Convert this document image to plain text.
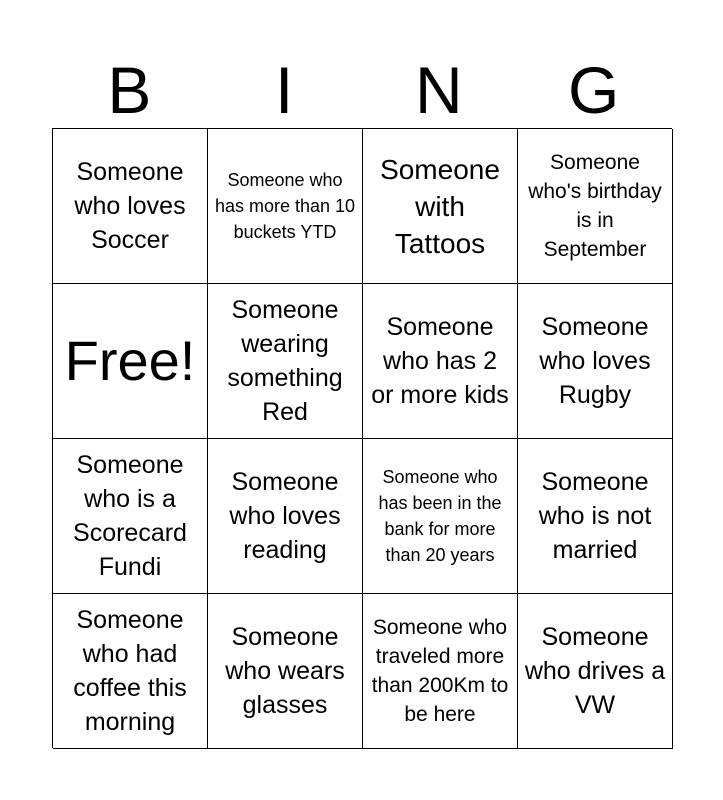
B	I	N	G
Someone who loves Soccer
Someone who has more than 10 buckets YTD
Someone with Tattoos
Someone who's birthday is in September
Free!
Someone wearing something Red
Someone who has 2 or more kids
Someone who loves Rugby
Someone who is a Scorecard Fundi
Someone who loves reading
Someone who has been in the bank for more than 20 years
Someone who is not married
Someone who had coffee this morning
Someone who wears glasses
Someone who traveled more than 200Km to be here
Someone who drives a VW
